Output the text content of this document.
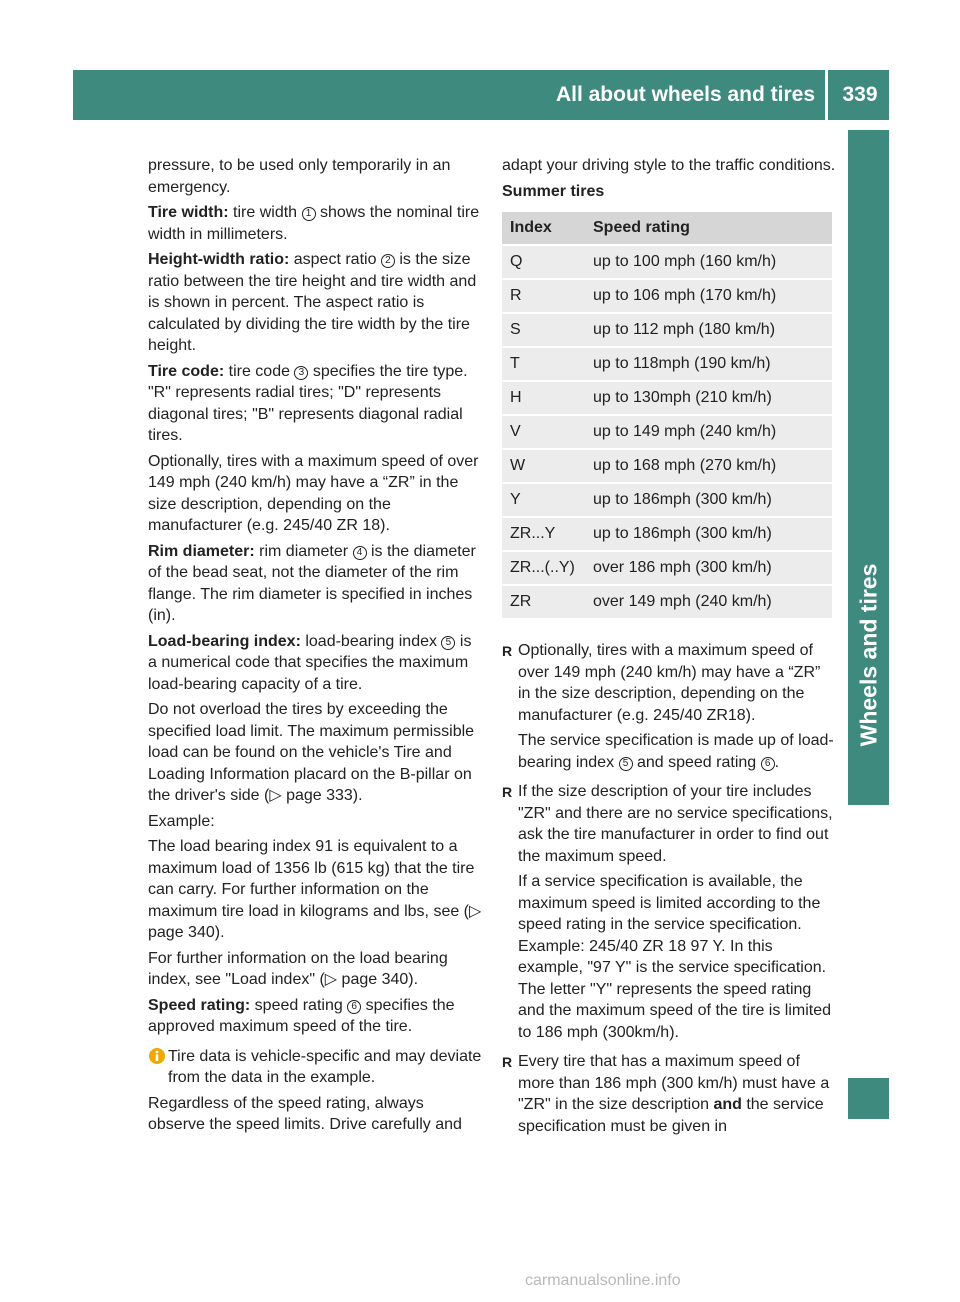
All about wheels and tires	339
Wheels and tires

pressure, to be used only temporarily in an emergency.

Tire width: tire width 1 shows the nominal tire width in millimeters.

Height-width ratio: aspect ratio 2 is the size ratio between the tire height and tire width and is shown in percent. The aspect ratio is calculated by dividing the tire width by the tire height.

Tire code: tire code 3 specifies the tire type. "R" represents radial tires; "D" represents diagonal tires; "B" represents diagonal radial tires.

Optionally, tires with a maximum speed of over 149 mph (240 km/h) may have a “ZR” in the size description, depending on the manufacturer (e.g. 245/40 ZR 18).

Rim diameter: rim diameter 4 is the diameter of the bead seat, not the diameter of the rim flange. The rim diameter is specified in inches (in).

Load-bearing index: load-bearing index 5 is a numerical code that specifies the maximum load-bearing capacity of a tire.

Do not overload the tires by exceeding the specified load limit. The maximum permissible load can be found on the vehicle's Tire and Loading Information placard on the B-pillar on the driver's side (▷ page 333).

Example:

The load bearing index 91 is equivalent to a maximum load of 1356 lb (615 kg) that the tire can carry. For further information on the maximum tire load in kilograms and lbs, see (▷ page 340).

For further information on the load bearing index, see "Load index" (▷ page 340).

Speed rating: speed rating 6 specifies the approved maximum speed of the tire.

Tire data is vehicle-specific and may deviate from the data in the example.

Regardless of the speed rating, always observe the speed limits. Drive carefully and

adapt your driving style to the traffic conditions.

Summer tires

Index	Speed rating
Q	up to 100 mph (160 km/h)
R	up to 106 mph (170 km/h)
S	up to 112 mph (180 km/h)
T	up to 118mph (190 km/h)
H	up to 130mph (210 km/h)
V	up to 149 mph (240 km/h)
W	up to 168 mph (270 km/h)
Y	up to 186mph (300 km/h)
ZR...Y	up to 186mph (300 km/h)
ZR...(..Y)	over 186 mph (300 km/h)
ZR	over 149 mph (240 km/h)
R Optionally, tires with a maximum speed of over 149 mph (240 km/h) may have a “ZR” in the size description, depending on the manufacturer (e.g. 245/40 ZR18).

The service specification is made up of load-bearing index 5 and speed rating 6 .

R If the size description of your tire includes "ZR" and there are no service specifications, ask the tire manufacturer in order to find out the maximum speed.

If a service specification is available, the maximum speed is limited according to the speed rating in the service specification. Example: 245/40 ZR 18 97 Y. In this example, "97 Y" is the service specification. The letter "Y" represents the speed rating and the maximum speed of the tire is limited to 186 mph (300km/h).

R Every tire that has a maximum speed of more than 186 mph (300 km/h) must have a "ZR" in the size description and the service specification must be given in

carmanualsonline.info
